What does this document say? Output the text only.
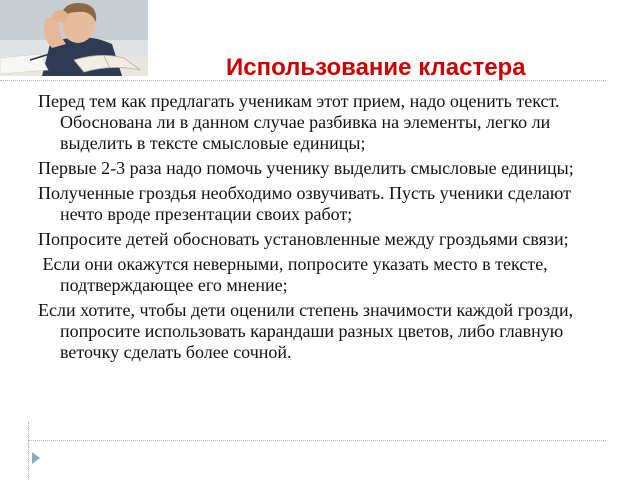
Использование кластера

Перед тем как предлагать ученикам этот прием, надо оценить текст. Обоснована ли в данном случае разбивка на элементы, легко ли выделить в тексте смысловые единицы;

Первые 2-3 раза надо помочь ученику выделить смысловые единицы;

Полученные гроздья необходимо озвучивать. Пусть ученики сделают нечто вроде презентации своих работ;

Попросите детей обосновать установленные между гроздьями связи;

Если они окажутся неверными, попросите указать место в тексте, подтверждающее его мнение;

Если хотите, чтобы дети оценили степень значимости каждой грозди, попросите использовать карандаши разных цветов, либо главную веточку сделать более сочной.
